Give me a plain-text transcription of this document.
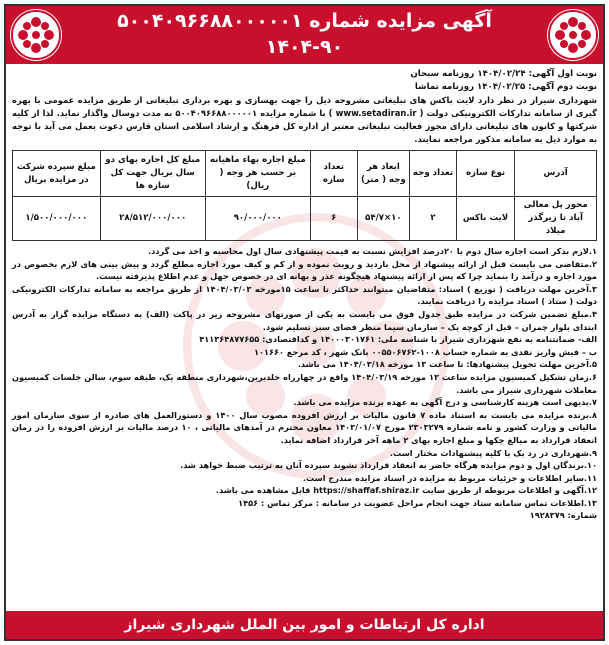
آگهی مزایده شماره ۵۰۰۴۰۹۶۶۸۸۰۰۰۰۰۱
۱۴۰۴-۹۰

نوبت اول آگهی: ۱۴۰۴/۰۲/۲۴ روزنامه سبحان

نوبت دوم آگهی: ۱۴۰۴/۰۲/۲۵ روزنامه تماشا

شهرداری شیراز در نظر دارد لایت باکس های تبلیغاتی مشروحه ذیل را جهت بهسازی و بهره برداری تبلیغاتی از طریق مزایده عمومی با بهره گیری از سامانه تدارکات الکترونیکی دولت ( www.setadiran.ir ) با شماره مزایده ۵۰۰۴۰۹۶۶۸۸۰۰۰۰۰۱ به مدت دوسال واگذار نماید. لذا از کلیه شرکتها و کانون های تبلیغاتی دارای مجوز فعالیت تبلیغاتی معتبر از اداره کل فرهنگ و ارشاد اسلامی استان فارس دعوت بعمل می آید با توجه به موارد ذیل به سامانه مذکور مراجعه نمایند.

آدرس	نوع سازه	تعداد وجه	ابعاد هر وجه ( متر)	تعداد سازه	مبلغ اجاره بهاء ماهیانه بر حسب هر وجه ( ریال)	مبلغ کل اجاره بهای دو سال بریال جهت کل سازه ها	مبلغ سپرده شرکت در مزایده بریال
محور پل معالی آباد تا زیرگذر میلاد	لایت باکس	۲	۱۰×۵۴/۷	۶	۹۰/۰۰۰/۰۰۰	۲۸/۵۱۲/۰۰۰/۰۰۰	۱/۵۰۰/۰۰۰/۰۰۰

۱.لازم بذکر است اجاره سال دوم با ۲۰درصد افزایش نسبت به قیمت پیشنهادی سال اول محاسبه و اخذ می گردد.

۲.متقاضی می بایست قبل از ارائه پیشنهاد از محل بازدید و رویت نموده و از کم و کیف مورد اجاره مطلع گردد و پیش بینی های لازم بخصوص در مورد اجاره و درآمد را بنماید چرا که پس از ارائه پیشنهاد هیچگونه عذر و بهانه ای در خصوص جهل و عدم اطلاع پذیرفته نیست.

۳.آخرین مهلت دریافت ( توزیع ) اسناد: متقاضیان میتوانند حداکثر تا ساعت ۱۵مورخه ۱۴۰۴/۰۳/۰۳ از طریق مراجعه به سامانه تدارکات الکترونیکی دولت ( ستاد ) اسناد مزایده را دریافت نمایند.

۴.مبلغ تضمین شرکت در مزایده طبق جدول فوق می بایست به یکی از صورتهای مشروحه زیر در پاکت (الف) به دستگاه مزایده گزار به آدرس ابتدای بلوار چمران – قبل از کوچه یک – سازمان سیما منظر فضای سبز تسلیم شود.

الف- ضمانتنامه به نفع شهرداری شیراز با شناسه ملی: ۱۴۰۰۰۳۰۱۷۶۱ و کداقتصادی: ۴۱۱۳۶۴۸۷۷۶۵۵

ب – فیش واریز نقدی به شماره حساب ۱۰۰۸-۰۰۵۵۰۶۷۶۲ بانک شهر ، کد مرجع ۱۰۱۶۶۰

۵.آخرین مهلت تحویل پیشنهادها: تا ساعت ۱۳ مورخه ۱۴۰۴/۰۳/۱۸ می باشد.

۶.زمان تشکیل کمیسیون مزایده ساعت ۱۳ مورخه ۱۴۰۴/۰۳/۱۹ واقع در چهارراه خلدبرین،شهرداری منطقه یک، طبقه سوم، سالن جلسات کمیسیون معاملات شهرداری شیراز می باشد.

۷.بدیهی است هزینه کارشناسی و درج آگهی به عهده برنده مزایده می باشد.

۸.برنده مزایده می بایست به استناد ماده ۷ قانون مالیات بر ارزش افزوده مصوب سال ۱۴۰۰ و دستورالعمل های صادره از سوی سازمان امور مالیاتی و وزارت کشور و نامه شماره ۲۳۰۳۲۷۹ مورخ ۱۴۰۳/۰۱/۰۷ معاون محترم در آمدهای مالیاتی ، ۱۰ درصد مالیات بر ارزش افزوده را در زمان انعقاد قرارداد به مبالغ چکها و مبلغ اجاره بهای ۲ ماهه آخر قرارداد اضافه نماید.

۹.شهرداری در رد یک یا کلیه پیشنهادات مختار است.

۱۰.برندگان اول و دوم مزایده هرگاه حاضر به انعقاد قرارداد نشوند سپرده آنان به ترتیب ضبط خواهد شد.

۱۱.سایر اطلاعات و جزئیات مربوط به مزایده در اسناد مزایده مندرج است.

۱۲.آگهی و اطلاعات مربوطه از طریق سایت https://shaffaf.shiraz.ir قابل مشاهده می باشد.

۱۳.اطلاعات تماس سامانه ستاد جهت انجام مراحل عضویت در سامانه : مرکز تماس : ۱۴۵۶

شماره: ۱۹۲۸۳۷۹

اداره کل ارتباطات و امور بین الملل شهرداری شیراز
